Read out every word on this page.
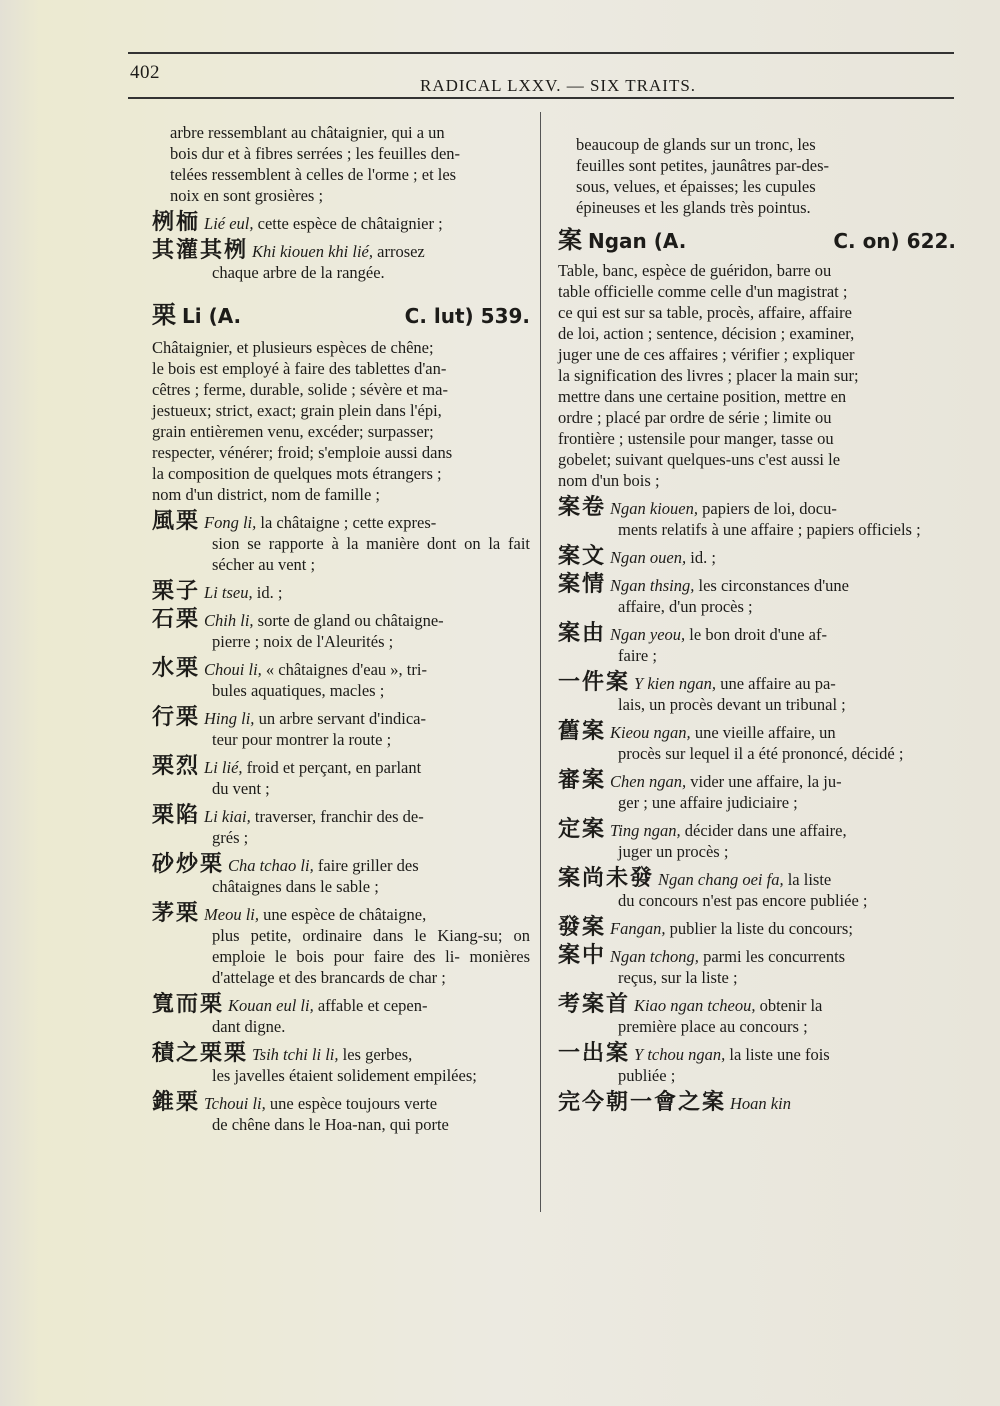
402
RADICAL LXXV. — SIX TRAITS.
arbre ressemblant au châtaignier, qui a un
bois dur et à fibres serrées ; les feuilles den-
telées ressemblent à celles de l'orme ; et les
noix en sont grosières ;
栵栭 Lié eul, cette espèce de châtaignier ;
其灌其栵 Khi kiouen khi lié, arrosez
chaque arbre de la rangée.
栗 Li (A.	C. lut) 539.
Châtaignier, et plusieurs espèces de chêne;
le bois est employé à faire des tablettes d'an-
cêtres ; ferme, durable, solide ; sévère et ma-
jestueux; strict, exact; grain plein dans l'épi,
grain entièremen venu, excéder; surpasser;
respecter, vénérer; froid; s'emploie aussi dans
la composition de quelques mots étrangers ;
nom d'un district, nom de famille ;
風栗 Fong li, la châtaigne ; cette expres-
sion se rapporte à la manière dont on la fait sécher au vent ;
栗子 Li tseu, id. ;
石栗 Chih li, sorte de gland ou châtaigne-
pierre ; noix de l'Aleurités ;
水栗 Choui li, « châtaignes d'eau », tri-
bules aquatiques, macles ;
行栗 Hing li, un arbre servant d'indica-
teur pour montrer la route ;
栗烈 Li lié, froid et perçant, en parlant
du vent ;
栗陷 Li kiai, traverser, franchir des de-
grés ;
砂炒栗 Cha tchao li, faire griller des
châtaignes dans le sable ;
茅栗 Meou li, une espèce de châtaigne,
plus petite, ordinaire dans le Kiang-su; on emploie le bois pour faire des li- monières d'attelage et des brancards de char ;
寬而栗 Kouan eul li, affable et cepen-
dant digne.
積之栗栗 Tsih tchi li li, les gerbes,
les javelles étaient solidement empilées;
錐栗 Tchoui li, une espèce toujours verte
de chêne dans le Hoa-nan, qui porte
beaucoup de glands sur un tronc, les
feuilles sont petites, jaunâtres par-des-
sous, velues, et épaisses; les cupules
épineuses et les glands très pointus.
案 Ngan (A.	C. on) 622.
Table, banc, espèce de guéridon, barre ou
table officielle comme celle d'un magistrat ;
ce qui est sur sa table, procès, affaire, affaire
de loi, action ; sentence, décision ; examiner,
juger une de ces affaires ; vérifier ; expliquer
la signification des livres ; placer la main sur;
mettre dans une certaine position, mettre en
ordre ; placé par ordre de série ; limite ou
frontière ; ustensile pour manger, tasse ou
gobelet; suivant quelques-uns c'est aussi le
nom d'un bois ;
案卷 Ngan kiouen, papiers de loi, docu-
ments relatifs à une affaire ; papiers officiels ;
案文 Ngan ouen, id. ;
案情 Ngan thsing, les circonstances d'une
affaire, d'un procès ;
案由 Ngan yeou, le bon droit d'une af-
faire ;
一件案 Y kien ngan, une affaire au pa-
lais, un procès devant un tribunal ;
舊案 Kieou ngan, une vieille affaire, un
procès sur lequel il a été prononcé, décidé ;
審案 Chen ngan, vider une affaire, la ju-
ger ; une affaire judiciaire ;
定案 Ting ngan, décider dans une affaire,
juger un procès ;
案尚未發 Ngan chang oei fa, la liste
du concours n'est pas encore publiée ;
發案 Fangan, publier la liste du concours;
案中 Ngan tchong, parmi les concurrents
reçus, sur la liste ;
考案首 Kiao ngan tcheou, obtenir la
première place au concours ;
一出案 Y tchou ngan, la liste une fois
publiée ;
完今朝一會之案 Hoan kin
